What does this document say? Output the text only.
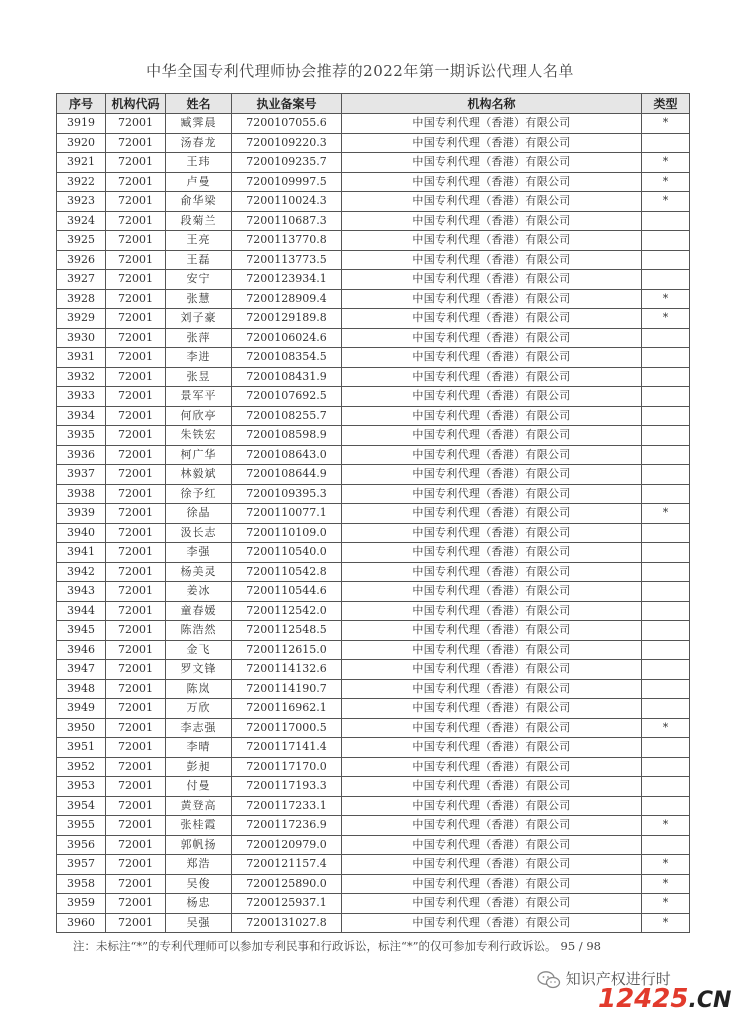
中华全国专利代理师协会推荐的2022年第一期诉讼代理人名单
序号	机构代码	姓名	执业备案号	机构名称	类型
3919	72001	臧霁晨	7200107055.6	中国专利代理（香港）有限公司	*
3920	72001	汤春龙	7200109220.3	中国专利代理（香港）有限公司	
3921	72001	王玮	7200109235.7	中国专利代理（香港）有限公司	*
3922	72001	卢曼	7200109997.5	中国专利代理（香港）有限公司	*
3923	72001	俞华梁	7200110024.3	中国专利代理（香港）有限公司	*
3924	72001	段菊兰	7200110687.3	中国专利代理（香港）有限公司	
3925	72001	王亮	7200113770.8	中国专利代理（香港）有限公司	
3926	72001	王磊	7200113773.5	中国专利代理（香港）有限公司	
3927	72001	安宁	7200123934.1	中国专利代理（香港）有限公司	
3928	72001	张慧	7200128909.4	中国专利代理（香港）有限公司	*
3929	72001	刘子豪	7200129189.8	中国专利代理（香港）有限公司	*
3930	72001	张萍	7200106024.6	中国专利代理（香港）有限公司	
3931	72001	李进	7200108354.5	中国专利代理（香港）有限公司	
3932	72001	张昱	7200108431.9	中国专利代理（香港）有限公司	
3933	72001	景军平	7200107692.5	中国专利代理（香港）有限公司	
3934	72001	何欣亭	7200108255.7	中国专利代理（香港）有限公司	
3935	72001	朱铁宏	7200108598.9	中国专利代理（香港）有限公司	
3936	72001	柯广华	7200108643.0	中国专利代理（香港）有限公司	
3937	72001	林毅斌	7200108644.9	中国专利代理（香港）有限公司	
3938	72001	徐予红	7200109395.3	中国专利代理（香港）有限公司	
3939	72001	徐晶	7200110077.1	中国专利代理（香港）有限公司	*
3940	72001	汲长志	7200110109.0	中国专利代理（香港）有限公司	
3941	72001	李强	7200110540.0	中国专利代理（香港）有限公司	
3942	72001	杨美灵	7200110542.8	中国专利代理（香港）有限公司	
3943	72001	姜冰	7200110544.6	中国专利代理（香港）有限公司	
3944	72001	童春媛	7200112542.0	中国专利代理（香港）有限公司	
3945	72001	陈浩然	7200112548.5	中国专利代理（香港）有限公司	
3946	72001	金飞	7200112615.0	中国专利代理（香港）有限公司	
3947	72001	罗文锋	7200114132.6	中国专利代理（香港）有限公司	
3948	72001	陈岚	7200114190.7	中国专利代理（香港）有限公司	
3949	72001	万欣	7200116962.1	中国专利代理（香港）有限公司	
3950	72001	李志强	7200117000.5	中国专利代理（香港）有限公司	*
3951	72001	李晴	7200117141.4	中国专利代理（香港）有限公司	
3952	72001	彭昶	7200117170.0	中国专利代理（香港）有限公司	
3953	72001	付曼	7200117193.3	中国专利代理（香港）有限公司	
3954	72001	黄登高	7200117233.1	中国专利代理（香港）有限公司	
3955	72001	张桂霞	7200117236.9	中国专利代理（香港）有限公司	*
3956	72001	郭帆扬	7200120979.0	中国专利代理（香港）有限公司	
3957	72001	郑浩	7200121157.4	中国专利代理（香港）有限公司	*
3958	72001	吴俊	7200125890.0	中国专利代理（香港）有限公司	*
3959	72001	杨忠	7200125937.1	中国专利代理（香港）有限公司	*
3960	72001	吴强	7200131027.8	中国专利代理（香港）有限公司	*
注：未标注“*”的专利代理师可以参加专利民事和行政诉讼，标注“*”的仅可参加专利行政诉讼。 95 / 98
知识产权进行时
12425.CN
